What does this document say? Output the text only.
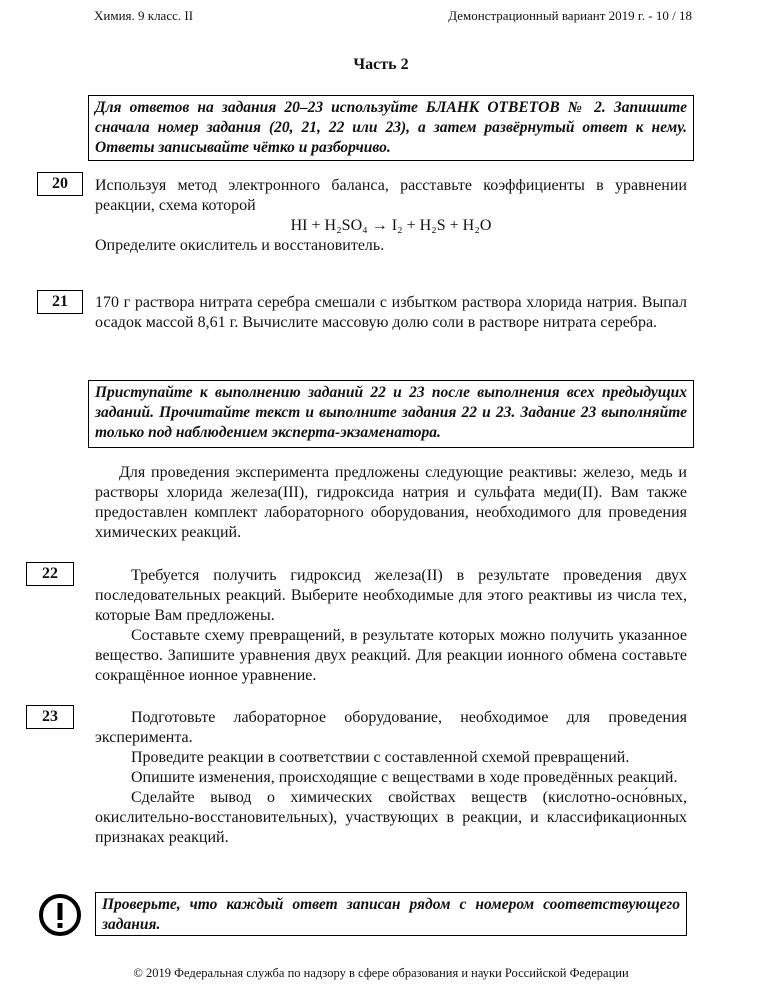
Химия. 9 класс. II	Демонстрационный вариант 2019 г. - 10 / 18
Часть 2

Для ответов на задания 20–23 используйте БЛАНК ОТВЕТОВ № 2. Запишите сначала номер задания (20, 21, 22 или 23), а затем развёрнутый ответ к нему. Ответы записывайте чётко и разборчиво.

20	Используя метод электронного баланса, расставьте коэффициенты в уравнении реакции, схема которой

HI + H₂SO₄ → I₂ + H₂S + H₂O

Определите окислитель и восстановитель.

21	170 г раствора нитрата серебра смешали с избытком раствора хлорида натрия. Выпал осадок массой 8,61 г. Вычислите массовую долю соли в растворе нитрата серебра.

Приступайте к выполнению заданий 22 и 23 после выполнения всех предыдущих заданий. Прочитайте текст и выполните задания 22 и 23. Задание 23 выполняйте только под наблюдением эксперта-экзаменатора.

Для проведения эксперимента предложены следующие реактивы: железо, медь и растворы хлорида железа(III), гидроксида натрия и сульфата меди(II). Вам также предоставлен комплект лабораторного оборудования, необходимого для проведения химических реакций.

22	Требуется получить гидроксид железа(II) в результате проведения двух последовательных реакций. Выберите необходимые для этого реактивы из числа тех, которые Вам предложены.

Составьте схему превращений, в результате которых можно получить указанное вещество. Запишите уравнения двух реакций. Для реакции ионного обмена составьте сокращённое ионное уравнение.

23	Подготовьте лабораторное оборудование, необходимое для проведения эксперимента.

Проведите реакции в соответствии с составленной схемой превращений.

Опишите изменения, происходящие с веществами в ходе проведённых реакций.

Сделайте вывод о химических свойствах веществ (кислотно-осно́вных, окислительно-восстановительных), участвующих в реакции, и классификационных признаках реакций.

Проверьте, что каждый ответ записан рядом с номером соответствующего задания.

© 2019 Федеральная служба по надзору в сфере образования и науки Российской Федерации
